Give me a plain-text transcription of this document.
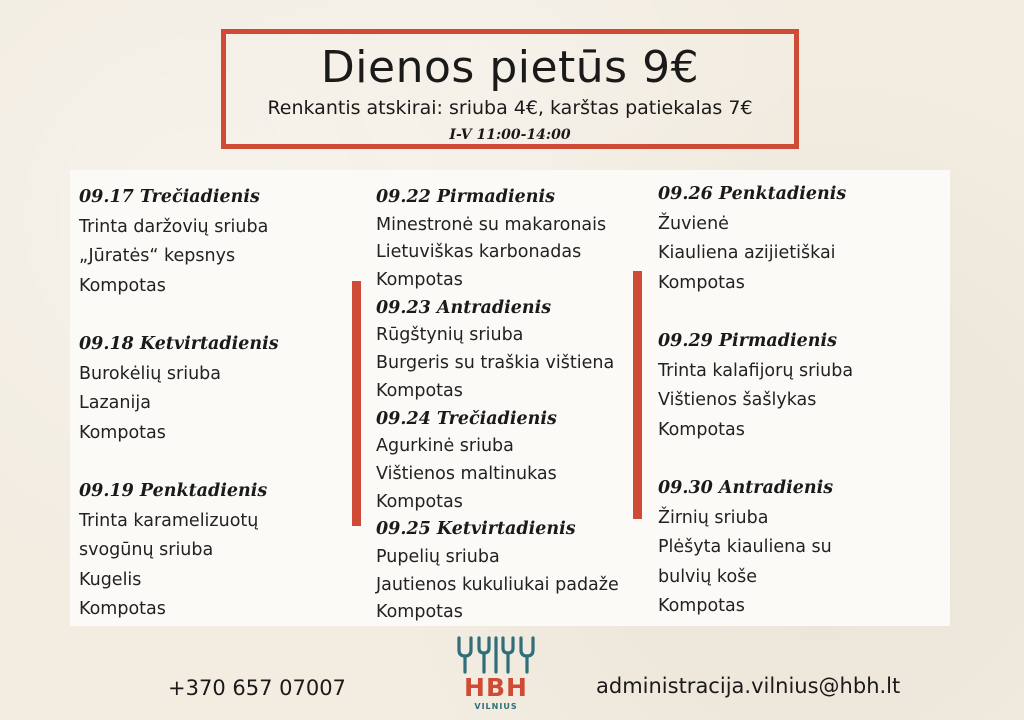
Dienos pietūs 9€
Renkantis atskirai: sriuba 4€, karštas patiekalas 7€
I-V 11:00-14:00
09.17 Trečiadienis
Trinta daržovių sriuba
„Jūratės“ kepsnys
Kompotas
09.18 Ketvirtadienis
Burokėlių sriuba
Lazanija
Kompotas
09.19 Penktadienis
Trinta karamelizuotų
svogūnų sriuba
Kugelis
Kompotas
09.22 Pirmadienis
Minestronė su makaronais
Lietuviškas karbonadas
Kompotas
09.23 Antradienis
Rūgštynių sriuba
Burgeris su traškia vištiena
Kompotas
09.24 Trečiadienis
Agurkinė sriuba
Vištienos maltinukas
Kompotas
09.25 Ketvirtadienis
Pupelių sriuba
Jautienos kukuliukai padaže
Kompotas
09.26 Penktadienis
Žuvienė
Kiauliena azijietiškai
Kompotas
09.29 Pirmadienis
Trinta kalafijorų sriuba
Vištienos šašlykas
Kompotas
09.30 Antradienis
Žirnių sriuba
Plėšyta kiauliena su
bulvių koše
Kompotas
+370 657 07007	HBH
VILNIUS
administracija.vilnius@hbh.lt
